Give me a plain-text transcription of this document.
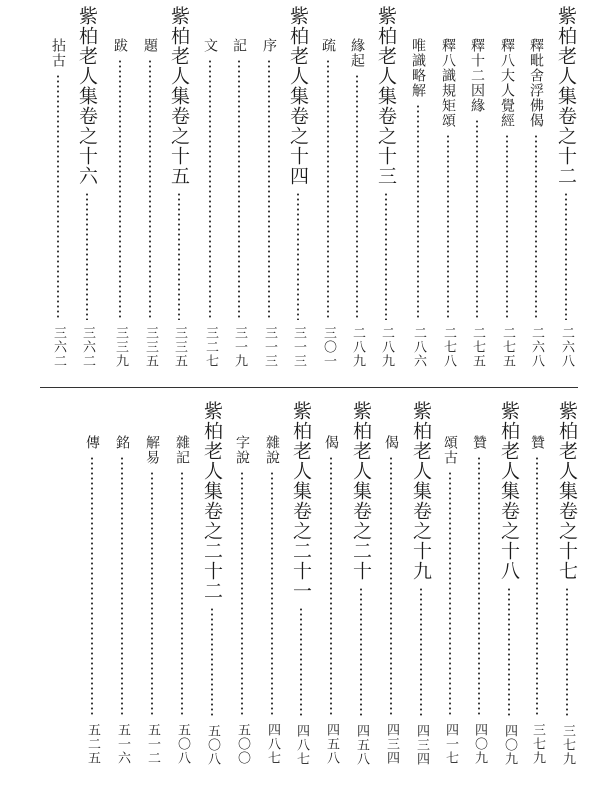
紫柏老人集卷之十二
二六八
釋毗舍浮佛偈
二六八
釋八大人覺經
二七五
釋十二因緣
二七五
釋八識規矩頌
二七八
唯識略解
二八六
紫柏老人集卷之十三
二八九
緣起
二八九
疏
三〇一
紫柏老人集卷之十四
三一三
序
三一三
記
三一九
文
三二七
紫柏老人集卷之十五
三三五
題
三三五
跋
三三九
紫柏老人集卷之十六
三六二
拈古
三六二
紫柏老人集卷之十七
三七九
贊
三七九
紫柏老人集卷之十八
四〇九
贊
四〇九
頌古
四一七
紫柏老人集卷之十九
四三四
偈
四三四
紫柏老人集卷之二十
四五八
偈
四五八
紫柏老人集卷之二十一
四八七
雜說
四八七
字說
五〇〇
紫柏老人集卷之二十二
五〇八
雜記
五〇八
解易
五一二
銘
五一六
傳
五二五
